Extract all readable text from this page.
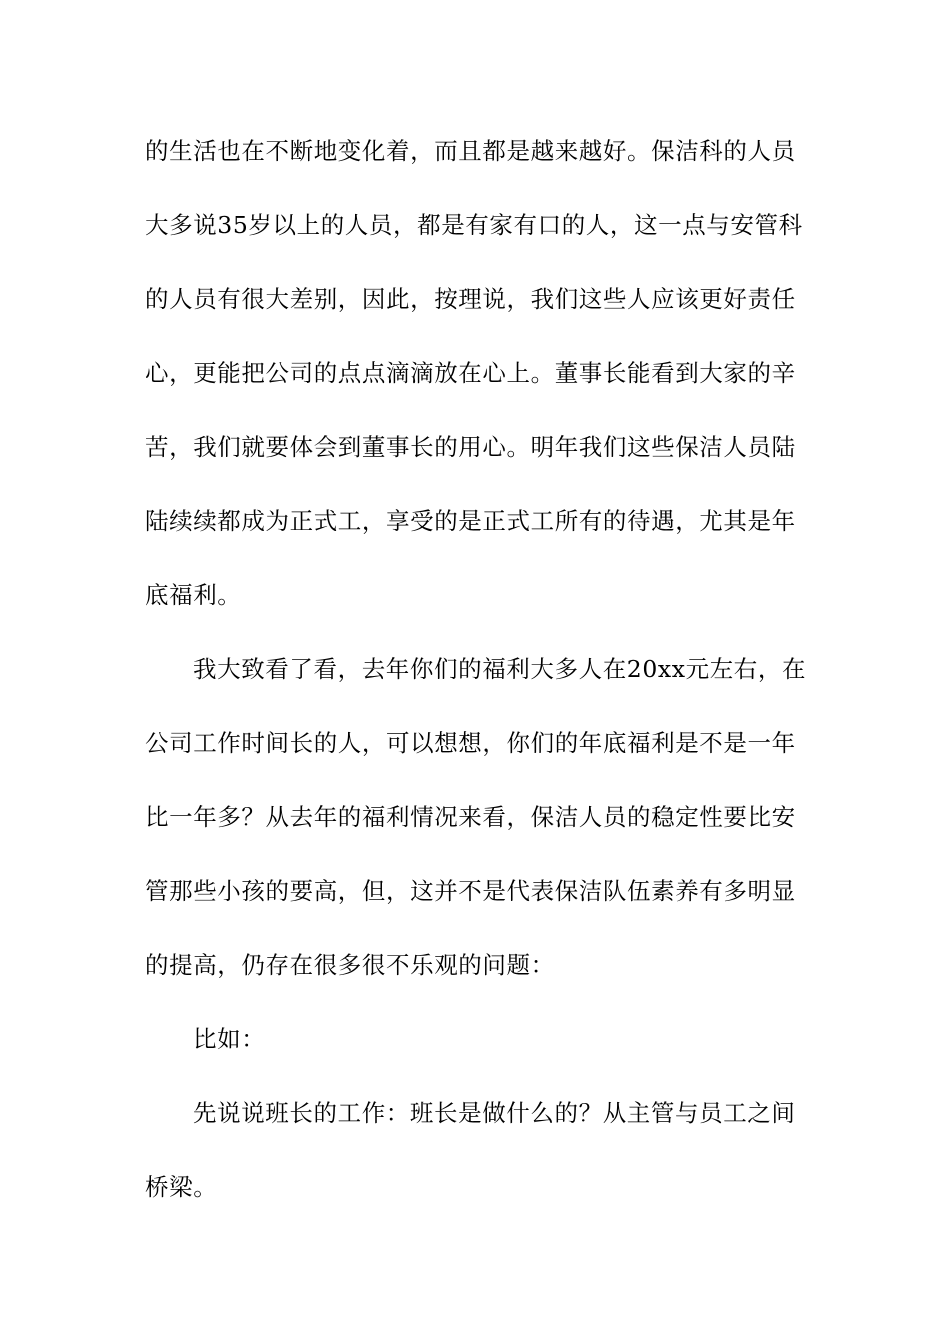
的生活也在不断地变化着，而且都是越来越好。保洁科的人员
大多说35岁以上的人员，都是有家有口的人，这一点与安管科
的人员有很大差别，因此，按理说，我们这些人应该更好责任
心，更能把公司的点点滴滴放在心上。董事长能看到大家的辛
苦，我们就要体会到董事长的用心。明年我们这些保洁人员陆
陆续续都成为正式工，享受的是正式工所有的待遇，尤其是年
底福利。
我大致看了看，去年你们的福利大多人在20xx元左右，在
公司工作时间长的人，可以想想，你们的年底福利是不是一年
比一年多？从去年的福利情况来看，保洁人员的稳定性要比安
管那些小孩的要高，但，这并不是代表保洁队伍素养有多明显
的提高，仍存在很多很不乐观的问题：
比如：
先说说班长的工作：班长是做什么的？从主管与员工之间
桥梁。
